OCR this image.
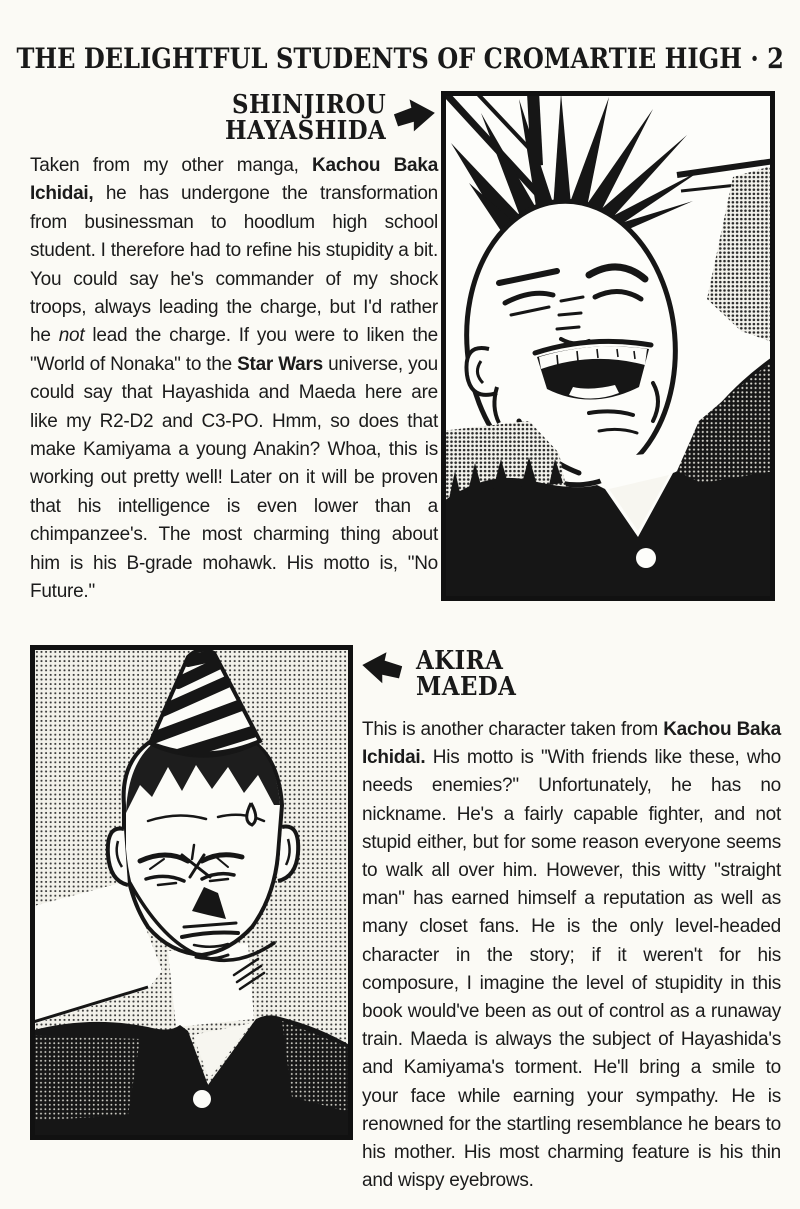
THE DELIGHTFUL STUDENTS OF CROMARTIE HIGH · 2
SHINJIROU
HAYASHIDA
Taken from my other manga, Kachou Baka Ichidai, he has undergone the transformation from businessman to hoodlum high school student. I therefore had to refine his stupidity a bit. You could say he's commander of my shock troops, always leading the charge, but I'd rather he not lead the charge. If you were to liken the "World of Nonaka" to the Star Wars universe, you could say that Hayashida and Maeda here are like my R2-D2 and C3-PO. Hmm, so does that make Kamiyama a young Anakin? Whoa, this is working out pretty well! Later on it will be proven that his intelligence is even lower than a chimpanzee's. The most charming thing about him is his B-grade mohawk. His motto is, "No Future."
AKIRA
MAEDA
This is another character taken from Kachou Baka Ichidai. His motto is "With friends like these, who needs enemies?" Unfortunately, he has no nickname. He's a fairly capable fighter, and not stupid either, but for some reason everyone seems to walk all over him. However, this witty "straight man" has earned himself a reputation as well as many closet fans. He is the only level-headed character in the story; if it weren't for his composure, I imagine the level of stupidity in this book would've been as out of control as a runaway train. Maeda is always the subject of Hayashida's and Kamiyama's torment. He'll bring a smile to your face while earning your sympathy. He is renowned for the startling resemblance he bears to his mother. His most charming feature is his thin and wispy eyebrows.
